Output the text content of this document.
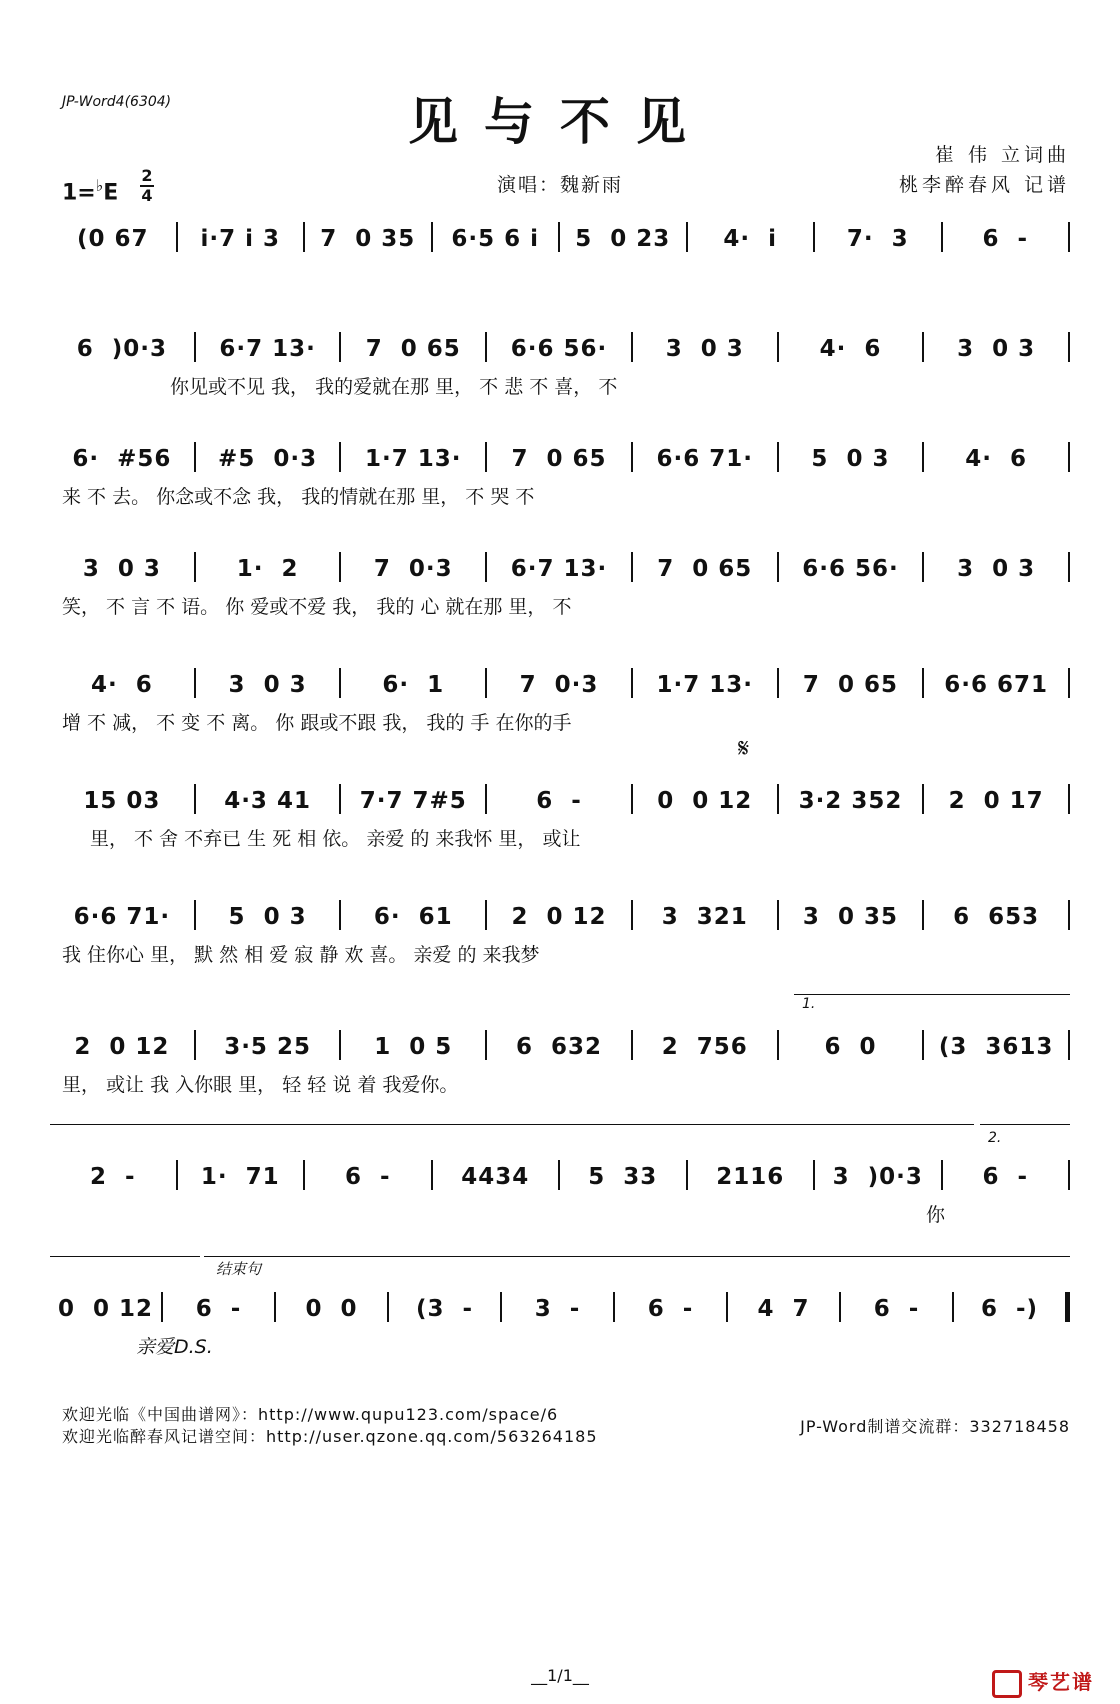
JP-Word4(6304)	见与不见
崔 伟 立词曲
桃李醉春风 记谱
演唱：魏新雨
1=♭E
2
4
(0 67	i·7 i 3	7  0 35	6·5 6 i	5  0 23	4·  i	7·  3	6  -
6  )0·3	6·7 13·	7  0 65	6·6 56·	3  0 3	4·  6	3  0 3
你见或不见 我， 我的爱就在那 里， 不 悲 不 喜， 不
6·  #56	#5  0·3	1·7 13·	7  0 65	6·6 71·	5  0 3	4·  6
来 不 去。 你念或不念 我， 我的情就在那 里， 不 哭 不
3  0 3	1·  2	7  0·3	6·7 13·	7  0 65	6·6 56·	3  0 3
笑， 不 言 不 语。 你 爱或不爱 我， 我的 心 就在那 里， 不
4·  6	3  0 3	6·  1	7  0·3	1·7 13·	7  0 65	6·6 671
增 不 减， 不 变 不 离。 你 跟或不跟 我， 我的 手 在你的手
𝄋
15 03	4·3 41	7·7 7#5	6  -	0  0 12	3·2 352	2  0 17
里， 不 舍 不弃已 生 死 相 依。 亲爱 的 来我怀 里， 或让
6·6 71·	5  0 3	6·  61	2  0 12	3  321	3  0 35	6  653
我 住你心 里， 默 然 相 爱 寂 静 欢 喜。 亲爱 的 来我梦
1.
2  0 12	3·5 25	1  0 5	6  632	2  756	6  0	(3  3613
里， 或让 我 入你眼 里， 轻 轻 说 着 我爱你。
2.
2  -	1·  71	6  -	4434	5  33	2116	3  )0·3	6  -
你
结束句
0  0 12	6  -	0  0	(3  -	3  -	6  -	4  7	6  -	6  -)
亲爱D.S.
欢迎光临《中国曲谱网》：http://www.qupu123.com/space/6
欢迎光临醉春风记谱空间：http://user.qzone.qq.com/563264185
JP-Word制谱交流群：332718458
__1/1__	琴艺谱
